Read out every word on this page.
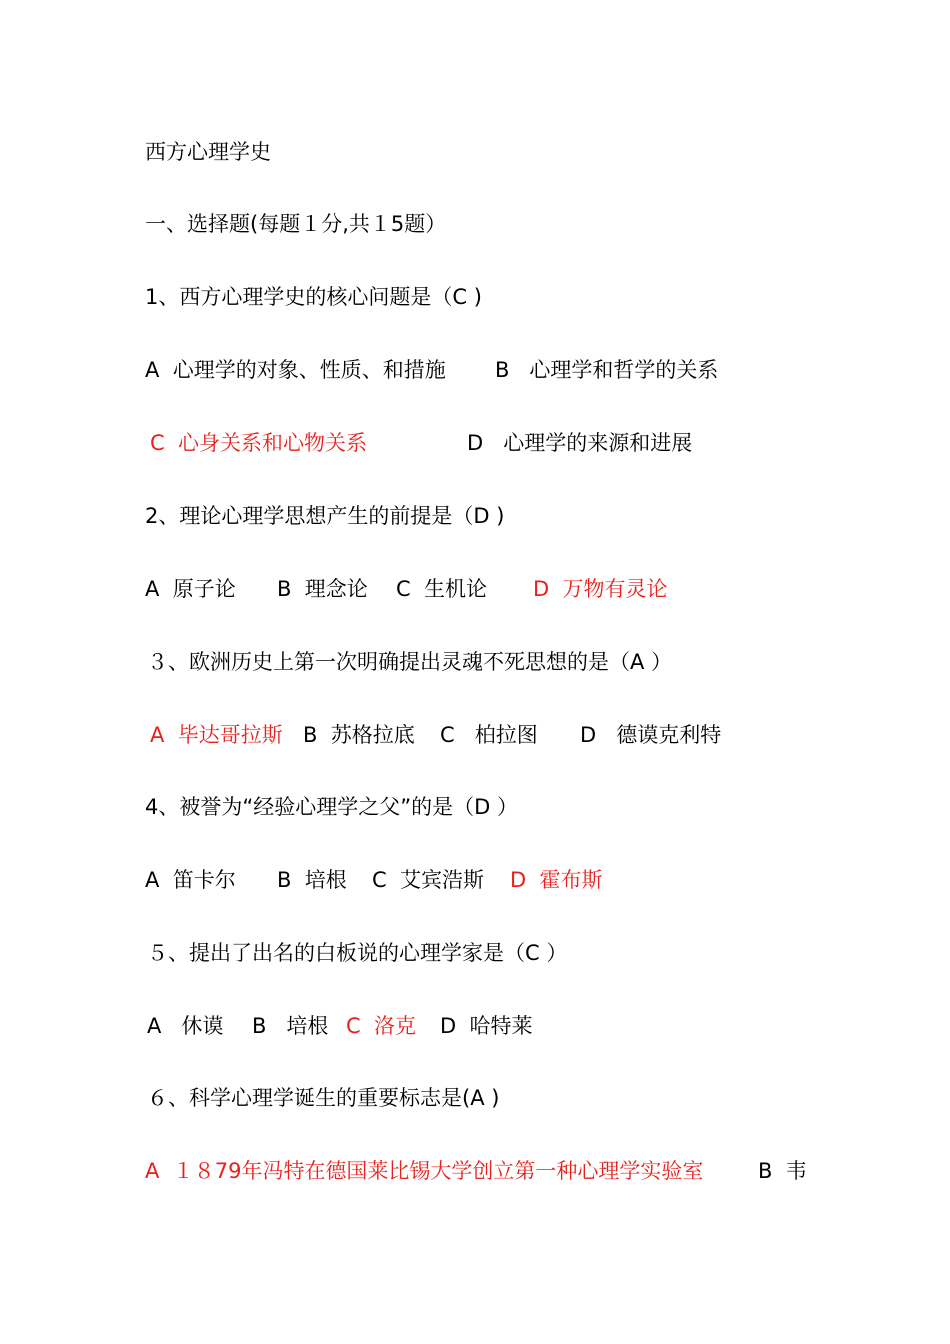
西方心理学史

一、选择题(每题１分,共１5题）

1、西方心理学史的核心问题是（C )

A  心理学的对象、性质、和措施

B   心理学和哲学的关系

C  心身关系和心物关系

	D   心理学的来源和进展

2、理论心理学思想产生的前提是（D )

A  原子论

B  理念论

C  生机论

D  万物有灵论

３、欧洲历史上第一次明确提出灵魂不死思想的是（A ）

A  毕达哥拉斯

B  苏格拉底

C   柏拉图

D   德谟克利特

4、被誉为“经验心理学之父”的是（D ）

A  笛卡尔

B  培根

C  艾宾浩斯

D  霍布斯

５、提出了出名的白板说的心理学家是（C ）

A   休谟

B   培根

C  洛克

D  哈特莱

６、科学心理学诞生的重要标志是(A )

A  １８79年冯特在德国莱比锡大学创立第一种心理学实验室

	B  韦
